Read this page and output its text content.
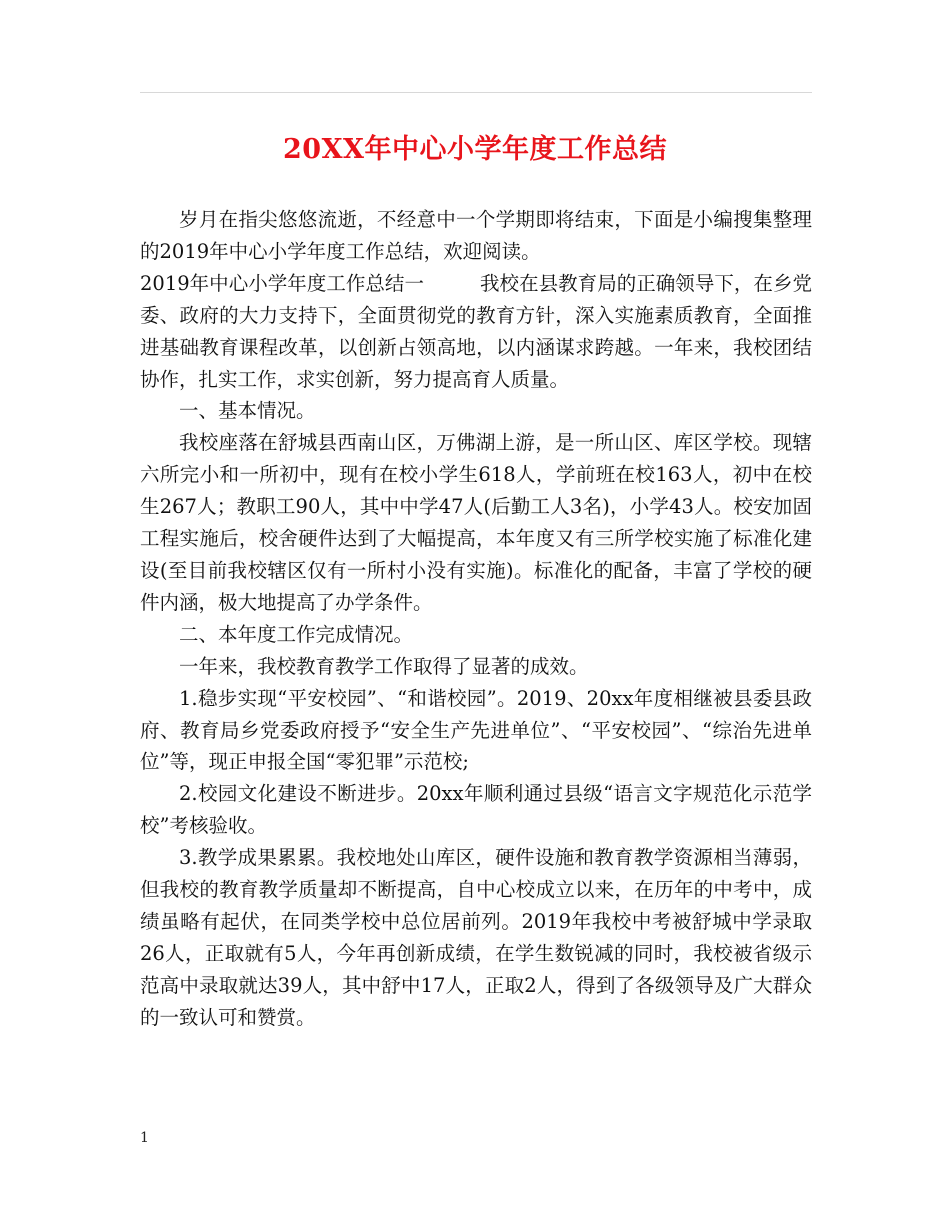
20XX年中心小学年度工作总结

岁月在指尖悠悠流逝，不经意中一个学期即将结束，下面是小编搜集整理的2019年中心小学年度工作总结，欢迎阅读。

2019年中心小学年度工作总结一	我校在县教育局的正确领导下，在乡党委、政府的大力支持下，全面贯彻党的教育方针，深入实施素质教育，全面推进基础教育课程改革，以创新占领高地，以内涵谋求跨越。一年来，我校团结协作，扎实工作，求实创新，努力提高育人质量。

一、基本情况。

我校座落在舒城县西南山区，万佛湖上游，是一所山区、库区学校。现辖六所完小和一所初中，现有在校小学生618人，学前班在校163人，初中在校生267人；教职工90人，其中中学47人(后勤工人3名)，小学43人。校安加固工程实施后，校舍硬件达到了大幅提高，本年度又有三所学校实施了标准化建设(至目前我校辖区仅有一所村小没有实施)。标准化的配备，丰富了学校的硬件内涵，极大地提高了办学条件。

二、本年度工作完成情况。

一年来，我校教育教学工作取得了显著的成效。

1.稳步实现“平安校园”、“和谐校园”。2019、20xx年度相继被县委县政府、教育局乡党委政府授予“安全生产先进单位”、“平安校园”、“综治先进单位”等，现正申报全国“零犯罪”示范校;

2.校园文化建设不断进步。20xx年顺利通过县级“语言文字规范化示范学校”考核验收。

3.教学成果累累。我校地处山库区，硬件设施和教育教学资源相当薄弱，但我校的教育教学质量却不断提高，自中心校成立以来，在历年的中考中，成绩虽略有起伏，在同类学校中总位居前列。2019年我校中考被舒城中学录取26人，正取就有5人，今年再创新成绩，在学生数锐减的同时，我校被省级示范高中录取就达39人，其中舒中17人，正取2人，得到了各级领导及广大群众的一致认可和赞赏。

1
